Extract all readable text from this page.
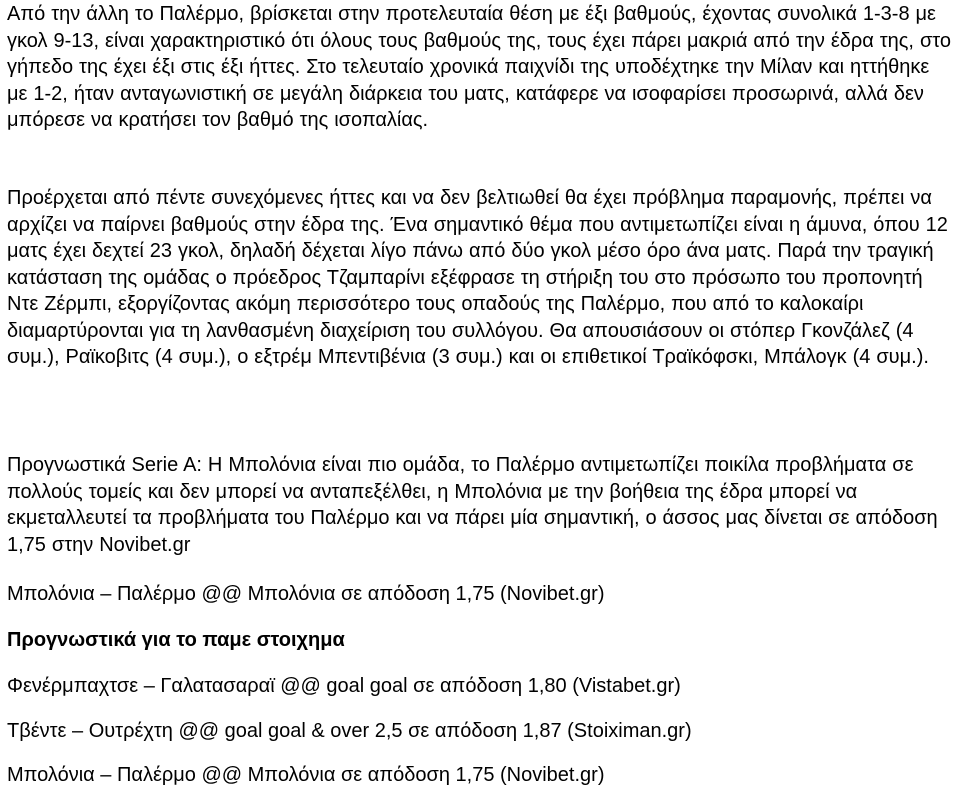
Από την άλλη το Παλέρμο, βρίσκεται στην προτελευταία θέση με έξι βαθμούς, έχοντας συνολικά 1-3-8 με γκολ 9-13, είναι χαρακτηριστικό ότι όλους τους βαθμούς της, τους έχει πάρει μακριά από την έδρα της, στο γήπεδο της έχει έξι στις έξι ήττες. Στο τελευταίο χρονικά παιχνίδι της υποδέχτηκε την Μίλαν και ηττήθηκε με 1-2, ήταν ανταγωνιστική σε μεγάλη διάρκεια του ματς, κατάφερε να ισοφαρίσει προσωρινά, αλλά δεν μπόρεσε να κρατήσει τον βαθμό της ισοπαλίας.

Προέρχεται από πέντε συνεχόμενες ήττες και να δεν βελτιωθεί θα έχει πρόβλημα παραμονής, πρέπει να αρχίζει να παίρνει βαθμούς στην έδρα της. Ένα σημαντικό θέμα που αντιμετωπίζει είναι η άμυνα, όπου 12 ματς έχει δεχτεί 23 γκολ, δηλαδή δέχεται λίγο πάνω από δύο γκολ μέσο όρο άνα ματς. Παρά την τραγική κατάσταση της ομάδας ο πρόεδρος Τζαμπαρίνι εξέφρασε τη στήριξη του στο πρόσωπο του προπονητή Ντε Ζέρμπι, εξοργίζοντας ακόμη περισσότερο τους οπαδούς της Παλέρμο, που από το καλοκαίρι διαμαρτύρονται για τη λανθασμένη διαχείριση του συλλόγου. Θα απουσιάσουν οι στόπερ Γκονζάλεζ (4 συμ.), Ραϊκοβιτς (4 συμ.), ο εξτρέμ Μπεντιβένια (3 συμ.) και οι επιθετικοί Τραϊκόφσκι, Μπάλογκ (4 συμ.).

Προγνωστικά Serie A: Η Μπολόνια είναι πιο ομάδα, το Παλέρμο αντιμετωπίζει ποικίλα προβλήματα σε πολλούς τομείς και δεν μπορεί να ανταπεξέλθει, η Μπολόνια με την βοήθεια της έδρα μπορεί να εκμεταλλευτεί τα προβλήματα του Παλέρμο και να πάρει μία σημαντική, ο άσσος μας δίνεται σε απόδοση 1,75 στην Novibet.gr

Μπολόνια – Παλέρμο @@ Μπολόνια σε απόδοση 1,75 (Novibet.gr)

Προγνωστικά για το παμε στοιχημα

Φενέρμπαχτσε – Γαλατασαραϊ @@ goal goal σε απόδοση 1,80 (Vistabet.gr)

Τβέντε – Ουτρέχτη @@ goal goal & over 2,5 σε απόδοση 1,87 (Stoiximan.gr)

Μπολόνια – Παλέρμο @@ Μπολόνια σε απόδοση 1,75 (Novibet.gr)
